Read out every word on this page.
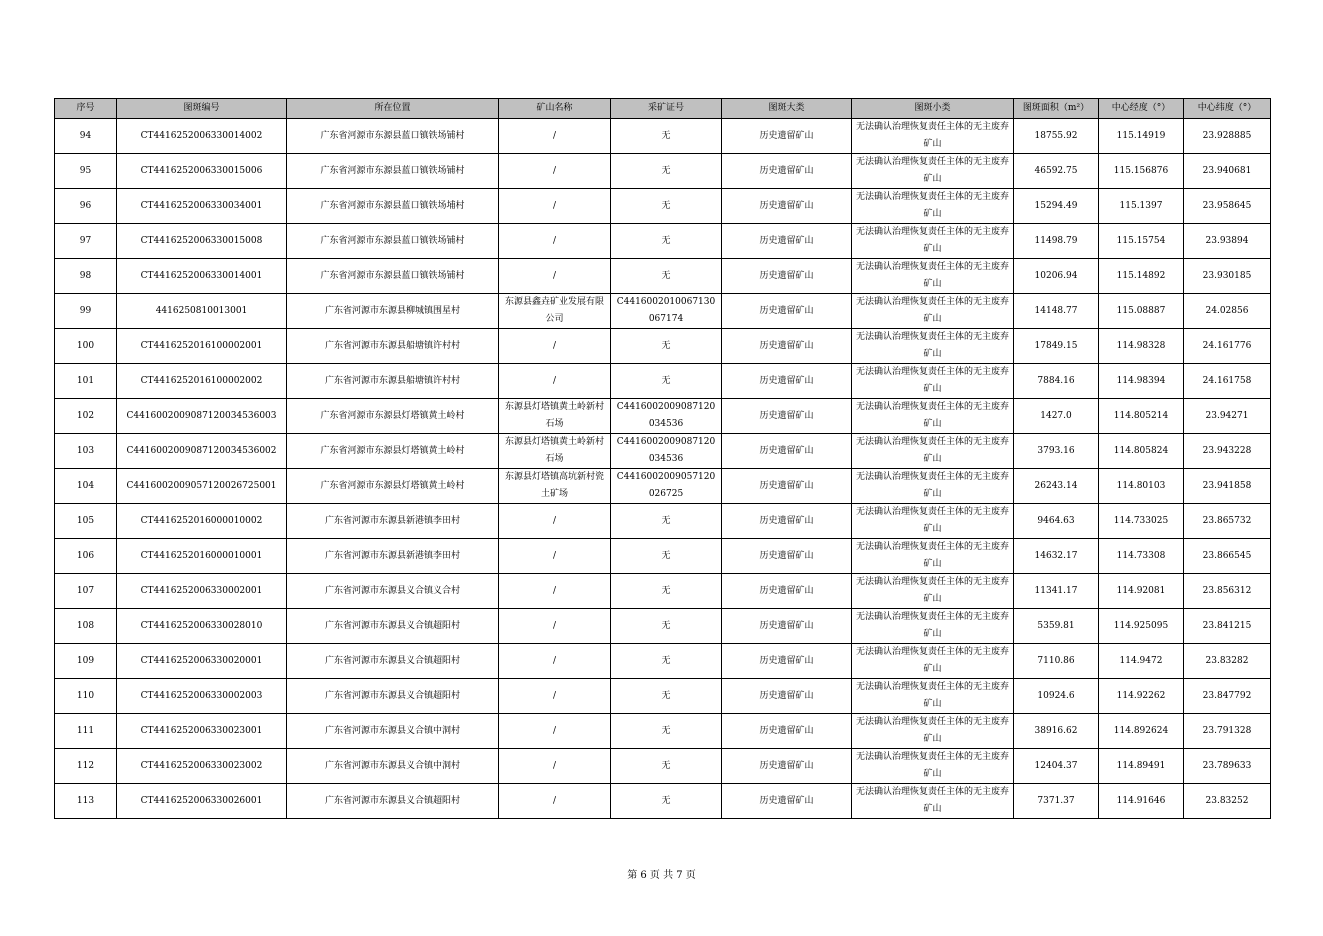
序号	图斑编号	所在位置	矿山名称	采矿证号	图斑大类	图斑小类	图斑面积（m²）	中心经度（°）	中心纬度（°）
94	CT4416252006330014002	广东省河源市东源县蓝口镇铁场铺村	/	无	历史遗留矿山	无法确认治理恢复责任主体的无主废弃矿山	18755.92	115.14919	23.928885
95	CT4416252006330015006	广东省河源市东源县蓝口镇铁场铺村	/	无	历史遗留矿山	无法确认治理恢复责任主体的无主废弃矿山	46592.75	115.156876	23.940681
96	CT4416252006330034001	广东省河源市东源县蓝口镇铁场埔村	/	无	历史遗留矿山	无法确认治理恢复责任主体的无主废弃矿山	15294.49	115.1397	23.958645
97	CT4416252006330015008	广东省河源市东源县蓝口镇铁场铺村	/	无	历史遗留矿山	无法确认治理恢复责任主体的无主废弃矿山	11498.79	115.15754	23.93894
98	CT4416252006330014001	广东省河源市东源县蓝口镇铁场铺村	/	无	历史遗留矿山	无法确认治理恢复责任主体的无主废弃矿山	10206.94	115.14892	23.930185
99	4416250810013001	广东省河源市东源县柳城镇围星村	东源县鑫垚矿业发展有限公司	C4416002010067130067174	历史遗留矿山	无法确认治理恢复责任主体的无主废弃矿山	14148.77	115.08887	24.02856
100	CT4416252016100002001	广东省河源市东源县船塘镇许村村	/	无	历史遗留矿山	无法确认治理恢复责任主体的无主废弃矿山	17849.15	114.98328	24.161776
101	CT4416252016100002002	广东省河源市东源县船塘镇许村村	/	无	历史遗留矿山	无法确认治理恢复责任主体的无主废弃矿山	7884.16	114.98394	24.161758
102	C4416002009087120034536003	广东省河源市东源县灯塔镇黄土岭村	东源县灯塔镇黄土岭新村石场	C4416002009087120034536	历史遗留矿山	无法确认治理恢复责任主体的无主废弃矿山	1427.0	114.805214	23.94271
103	C4416002009087120034536002	广东省河源市东源县灯塔镇黄土岭村	东源县灯塔镇黄土岭新村石场	C4416002009087120034536	历史遗留矿山	无法确认治理恢复责任主体的无主废弃矿山	3793.16	114.805824	23.943228
104	C4416002009057120026725001	广东省河源市东源县灯塔镇黄土岭村	东源县灯塔镇高坑新村瓷土矿场	C4416002009057120026725	历史遗留矿山	无法确认治理恢复责任主体的无主废弃矿山	26243.14	114.80103	23.941858
105	CT4416252016000010002	广东省河源市东源县新港镇李田村	/	无	历史遗留矿山	无法确认治理恢复责任主体的无主废弃矿山	9464.63	114.733025	23.865732
106	CT4416252016000010001	广东省河源市东源县新港镇李田村	/	无	历史遗留矿山	无法确认治理恢复责任主体的无主废弃矿山	14632.17	114.73308	23.866545
107	CT4416252006330002001	广东省河源市东源县义合镇义合村	/	无	历史遗留矿山	无法确认治理恢复责任主体的无主废弃矿山	11341.17	114.92081	23.856312
108	CT4416252006330028010	广东省河源市东源县义合镇超阳村	/	无	历史遗留矿山	无法确认治理恢复责任主体的无主废弃矿山	5359.81	114.925095	23.841215
109	CT4416252006330020001	广东省河源市东源县义合镇超阳村	/	无	历史遗留矿山	无法确认治理恢复责任主体的无主废弃矿山	7110.86	114.9472	23.83282
110	CT4416252006330002003	广东省河源市东源县义合镇超阳村	/	无	历史遗留矿山	无法确认治理恢复责任主体的无主废弃矿山	10924.6	114.92262	23.847792
111	CT4416252006330023001	广东省河源市东源县义合镇中洞村	/	无	历史遗留矿山	无法确认治理恢复责任主体的无主废弃矿山	38916.62	114.892624	23.791328
112	CT4416252006330023002	广东省河源市东源县义合镇中洞村	/	无	历史遗留矿山	无法确认治理恢复责任主体的无主废弃矿山	12404.37	114.89491	23.789633
113	CT4416252006330026001	广东省河源市东源县义合镇超阳村	/	无	历史遗留矿山	无法确认治理恢复责任主体的无主废弃矿山	7371.37	114.91646	23.83252
第 6 页 共 7 页
